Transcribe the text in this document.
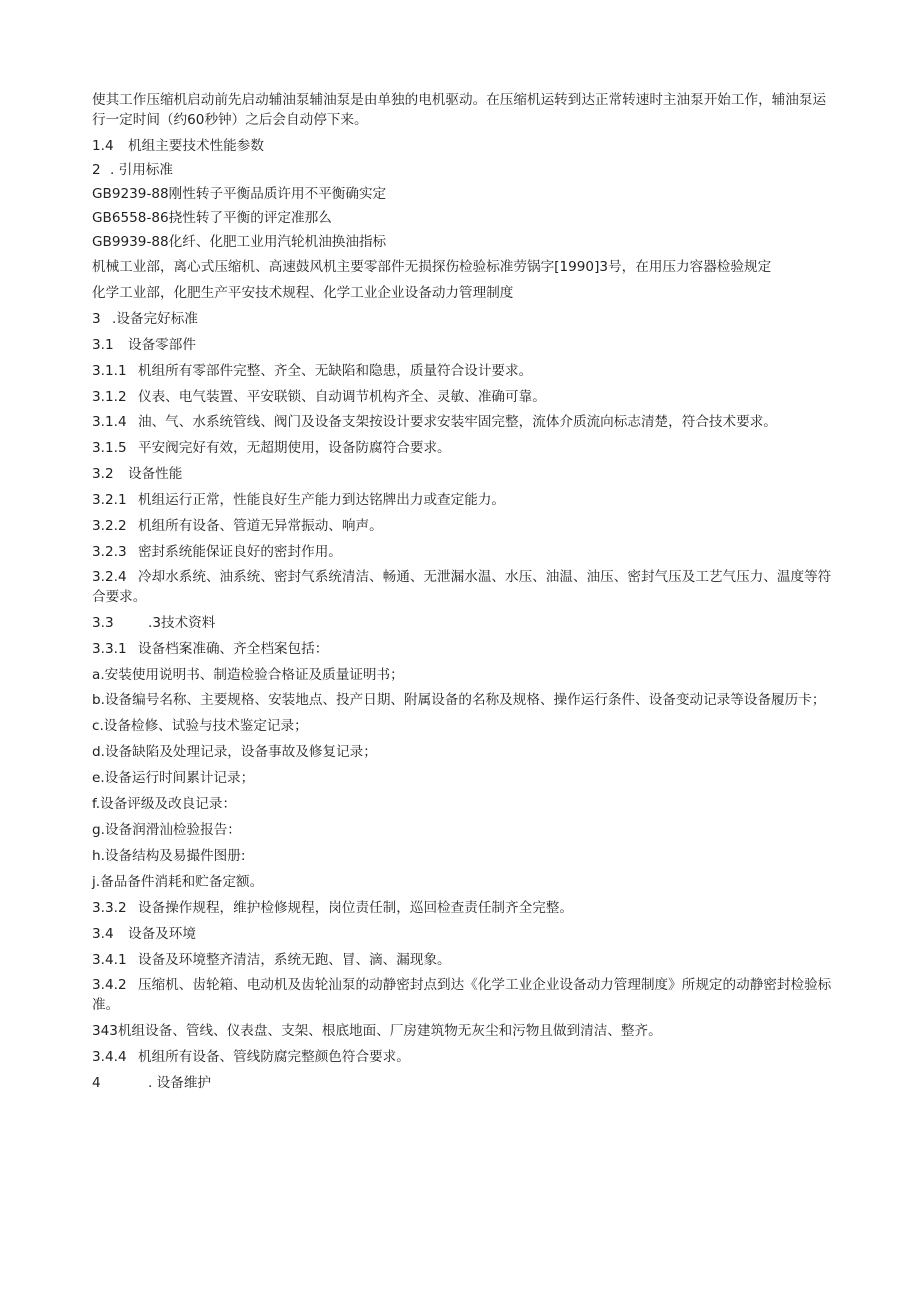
使其工作压缩机启动前先启动辅油泵辅油泵是由单独的电机驱动。在压缩机运转到达正常转速时主油泵开始工作，辅油泵运行一定时间（约60秒钟）之后会自动停下来。

1.4 机组主要技术性能参数

2 . 引用标准

GB9239-88刚性转子平衡品质许用不平衡确实定

GB6558-86挠性转了平衡的评定准那么

GB9939-88化纤、化肥工业用汽轮机油换油指标

机械工业部，离心式压缩机、高速鼓风机主要零部件无损探伤检验标准劳锅字[1990]3号，在用压力容器检验规定

化学工业部，化肥生产平安技术规程、化学工业企业设备动力管理制度

3 .设备完好标准

3.1 设备零部件

3.1.1 机组所有零部件完整、齐全、无缺陷和隐患，质量符合设计要求。

3.1.2 仪表、电气装置、平安联锁、自动调节机构齐全、灵敏、准确可靠。

3.1.4 油、气、水系统管线、阀门及设备支架按设计要求安装牢固完整，流体介质流向标志清楚，符合技术要求。

3.1.5 平安阀完好有效，无超期使用，设备防腐符合要求。

3.2 设备性能

3.2.1 机组运行正常，性能良好生产能力到达铭牌出力或查定能力。

3.2.2 机组所有设备、管道无异常振动、响声。

3.2.3 密封系统能保证良好的密封作用。

3.2.4 冷却水系统、油系统、密封气系统清洁、畅通、无泄漏水温、水压、油温、油压、密封气压及工艺气压力、温度等符合要求。

3.3	.3技术资料

3.3.1 设备档案准确、齐全档案包括：

a.安装使用说明书、制造检验合格证及质量证明书；

b.设备编号名称、主要规格、安装地点、投产日期、附属设备的名称及规格、操作运行条件、设备变动记录等设备履历卡；

c.设备检修、试验与技术鉴定记录；

d.设备缺陷及处理记录，设备事故及修复记录；

e.设备运行时间累计记录；

f.设备评级及改良记录：

g.设备润滑汕检验报告：

h.设备结构及易撮件图册:

j.备品备件消耗和贮备定额。

3.3.2 设备操作规程，维护检修规程，岗位责任制，巡回检查责任制齐全完整。

3.4 设备及环境

3.4.1 设备及环境整齐清洁，系统无跑、冒、滴、漏现象。

3.4.2 压缩机、齿轮箱、电动机及齿轮汕泵的动静密封点到达《化学工业企业设备动力管理制度》所规定的动静密封检验标准。

343机组设备、管线、仪表盘、支架、根底地面、厂房建筑物无灰尘和污物且做到清洁、整齐。

3.4.4 机组所有设备、管线防腐完整颜色符合要求。

4	. 设备维护
